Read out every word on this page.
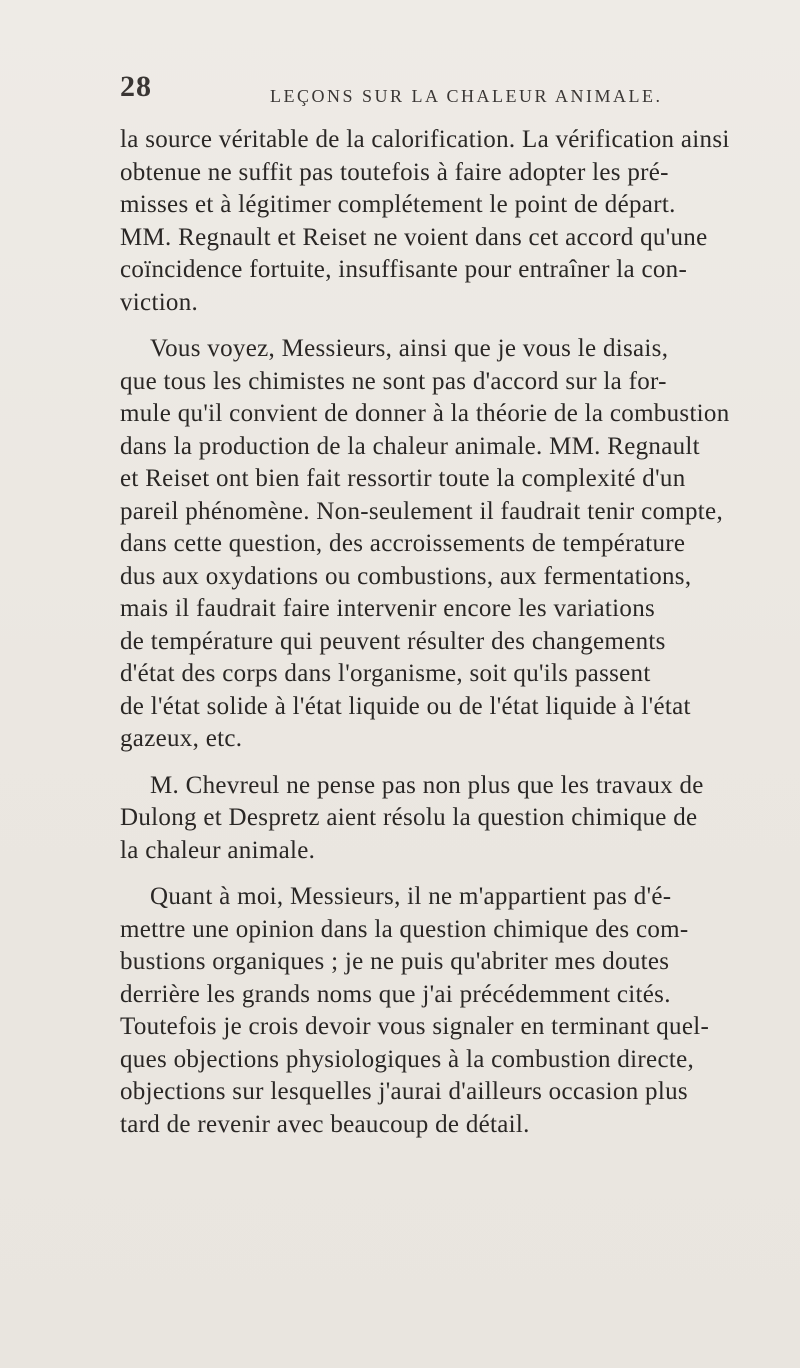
28	LEÇONS SUR LA CHALEUR ANIMALE.
la source véritable de la calorification. La vérification ainsi
obtenue ne suffit pas toutefois à faire adopter les pré-
misses et à légitimer complétement le point de départ.
MM. Regnault et Reiset ne voient dans cet accord qu'une
coïncidence fortuite, insuffisante pour entraîner la con-
viction.
Vous voyez, Messieurs, ainsi que je vous le disais,
que tous les chimistes ne sont pas d'accord sur la for-
mule qu'il convient de donner à la théorie de la combustion
dans la production de la chaleur animale. MM. Regnault
et Reiset ont bien fait ressortir toute la complexité d'un
pareil phénomène. Non-seulement il faudrait tenir compte,
dans cette question, des accroissements de température
dus aux oxydations ou combustions, aux fermentations,
mais il faudrait faire intervenir encore les variations
de température qui peuvent résulter des changements
d'état des corps dans l'organisme, soit qu'ils passent
de l'état solide à l'état liquide ou de l'état liquide à l'état
gazeux, etc.
M. Chevreul ne pense pas non plus que les travaux de
Dulong et Despretz aient résolu la question chimique de
la chaleur animale.
Quant à moi, Messieurs, il ne m'appartient pas d'é-
mettre une opinion dans la question chimique des com-
bustions organiques ; je ne puis qu'abriter mes doutes
derrière les grands noms que j'ai précédemment cités.
Toutefois je crois devoir vous signaler en terminant quel-
ques objections physiologiques à la combustion directe,
objections sur lesquelles j'aurai d'ailleurs occasion plus
tard de revenir avec beaucoup de détail.
